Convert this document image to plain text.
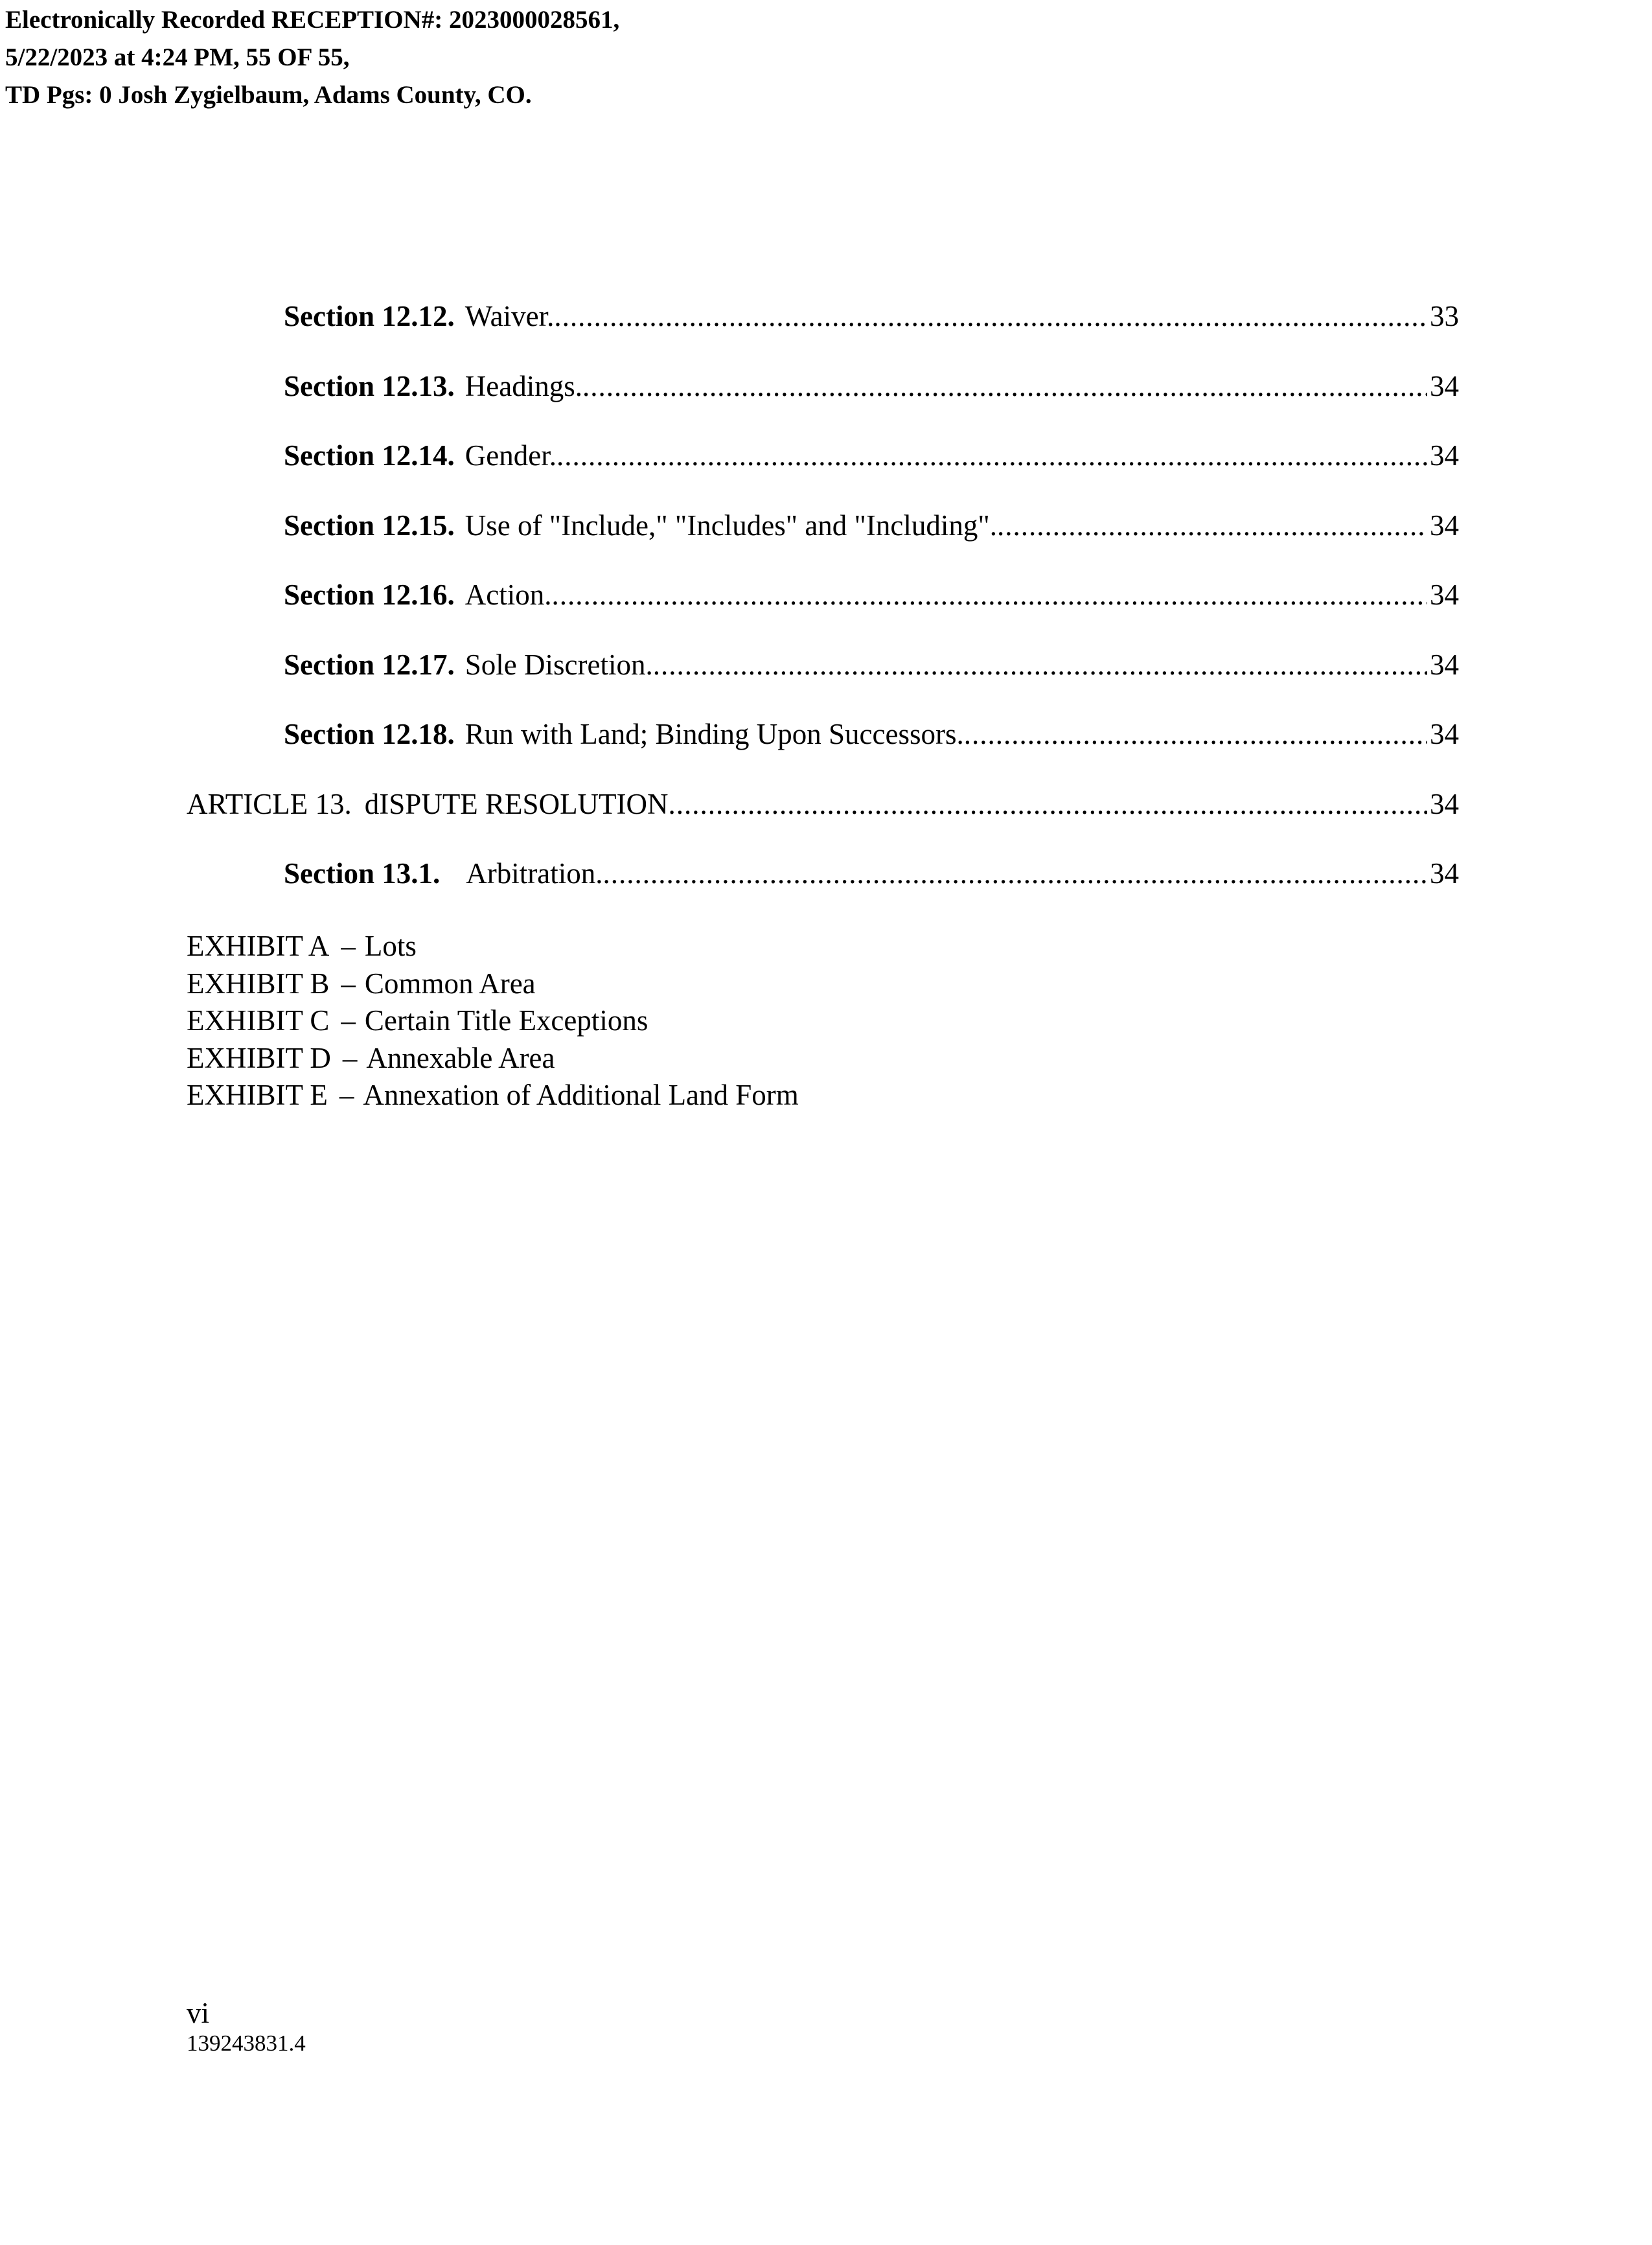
Electronically Recorded RECEPTION#: 2023000028561,
5/22/2023 at 4:24 PM, 55 OF 55,
TD Pgs: 0 Josh Zygielbaum, Adams County, CO.
Section 12.12. Waiver. .....	33
Section 12.13. Headings. .....	34
Section 12.14. Gender. .....	34
Section 12.15. Use of "Include," "Includes" and "Including". .....	34
Section 12.16. Action. .....	34
Section 12.17. Sole Discretion. .....	34
Section 12.18. Run with Land; Binding Upon Successors. .....	34
ARTICLE 13. dISPUTE RESOLUTION .....	34
Section 13.1. Arbitration. .....	34
EXHIBIT A – Lots
EXHIBIT B – Common Area
EXHIBIT C – Certain Title Exceptions
EXHIBIT D – Annexable Area
EXHIBIT E – Annexation of Additional Land Form
vi
139243831.4
